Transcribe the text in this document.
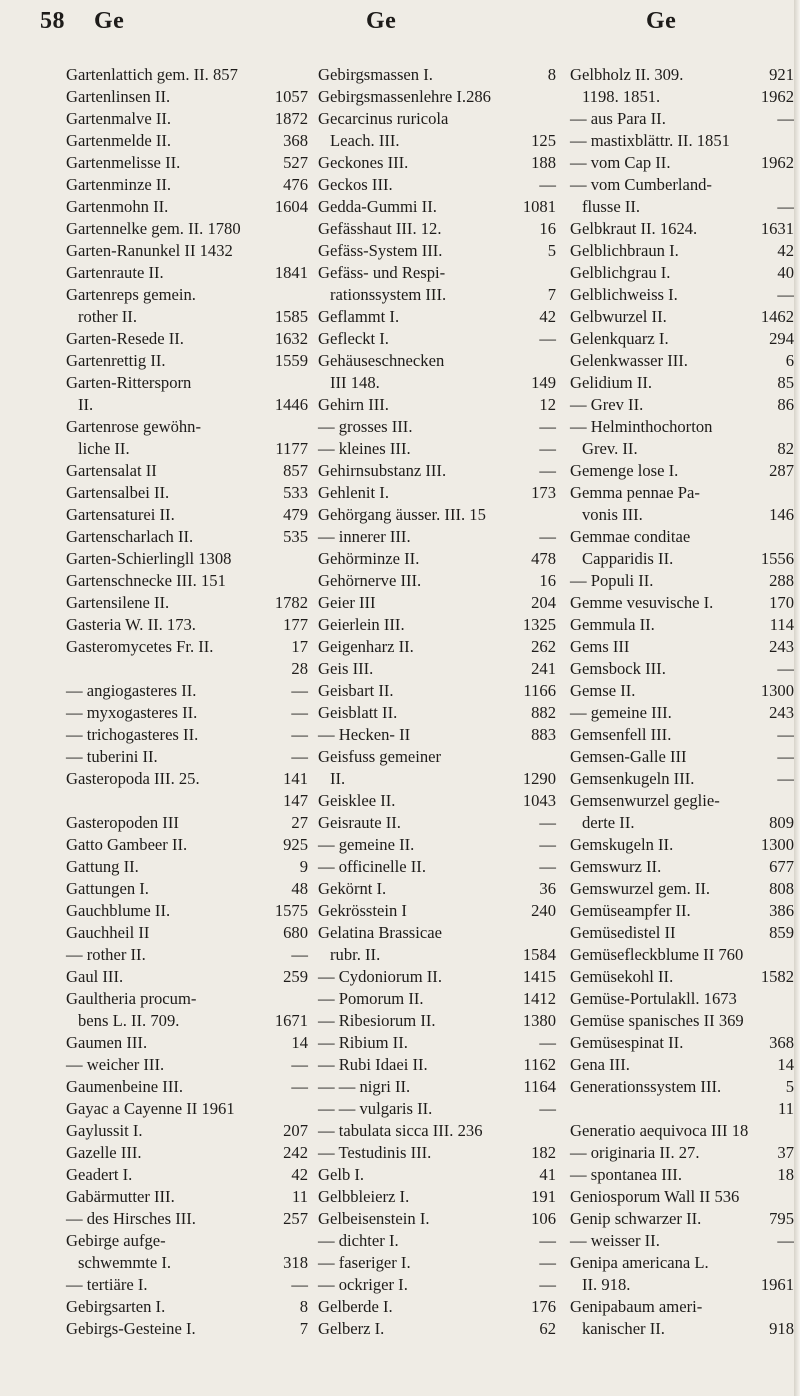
58 Ge	Ge	Ge
Gartenlattich gem. II. 857
Gartenlinsen II.	1057
Gartenmalve II.	1872
Gartenmelde II.	368
Gartenmelisse II.	527
Gartenminze II.	476
Gartenmohn II.	1604
Gartennelke gem. II. 1780
Garten-Ranunkel II 1432
Gartenraute II.	1841
Gartenreps gemein.
rother II.	1585
Garten-Resede II.	1632
Gartenrettig II.	1559
Garten-Rittersporn
II.	1446
Gartenrose gewöhn-
liche II.	1177
Gartensalat II	857
Gartensalbei II.	533
Gartensaturei II.	479
Gartenscharlach II.	535
Garten-Schierlingll 1308
Gartenschnecke III. 151
Gartensilene II.	1782
Gasteria W. II. 173.	177
Gasteromycetes Fr. II.	17
28
— angiogasteres II.	—
— myxogasteres II.	—
— trichogasteres II.	—
— tuberini II.	—
Gasteropoda III. 25.	141
147
Gasteropoden III	27
Gatto Gambeer II.	925
Gattung II.	9
Gattungen I.	48
Gauchblume II.	1575
Gauchheil II	680
— rother II.	—
Gaul III.	259
Gaultheria procum-
bens L. II. 709.	1671
Gaumen III.	14
— weicher III.	—
Gaumenbeine III.	—
Gayac a Cayenne II 1961
Gaylussit I.	207
Gazelle III.	242
Geadert I.	42
Gabärmutter III.	11
— des Hirsches III.	257
Gebirge aufge-
schwemmte I.	318
— tertiäre I.	—
Gebirgsarten I.	8
Gebirgs-Gesteine I.	7
Gebirgsmassen I.	8
Gebirgsmassenlehre I.286
Gecarcinus ruricola
Leach. III.	125
Geckones III.	188
Geckos III.	—
Gedda-Gummi II.	1081
Gefässhaut III. 12.	16
Gefäss-System III.	5
Gefäss- und Respi-
rationssystem III.	7
Geflammt I.	42
Gefleckt I.	—
Gehäuseschnecken
III 148.	149
Gehirn III.	12
— grosses III.	—
— kleines III.	—
Gehirnsubstanz III.	—
Gehlenit I.	173
Gehörgang äusser. III. 15
— innerer III.	—
Gehörminze II.	478
Gehörnerve III.	16
Geier III	204
Geierlein III.	1325
Geigenharz II.	262
Geis III.	241
Geisbart II.	1166
Geisblatt II.	882
— Hecken- II	883
Geisfuss gemeiner
II.	1290
Geisklee II.	1043
Geisraute II.	—
— gemeine II.	—
— officinelle II.	—
Gekörnt I.	36
Gekrösstein I	240
Gelatina Brassicae
rubr. II.	1584
— Cydoniorum II.	1415
— Pomorum II.	1412
— Ribesiorum II.	1380
— Ribium II.	—
— Rubi Idaei II.	1162
— — nigri II.	1164
— — vulgaris II.	—
— tabulata sicca III. 236
— Testudinis III.	182
Gelb I.	41
Gelbbleierz I.	191
Gelbeisenstein I.	106
— dichter I.	—
— faseriger I.	—
— ockriger I.	—
Gelberde I.	176
Gelberz I.	62
Gelbholz II. 309.	921
1198. 1851.	1962
— aus Para II.	—
— mastixblättr. II. 1851
— vom Cap II.	1962
— vom Cumberland-
flusse II.	—
Gelbkraut II. 1624.	1631
Gelblichbraun I.	42
Gelblichgrau I.	40
Gelblichweiss I.	—
Gelbwurzel II.	1462
Gelenkquarz I.	294
Gelenkwasser III.	6
Gelidium II.	85
— Grev II.	86
— Helminthochorton
Grev. II.	82
Gemenge lose I.	287
Gemma pennae Pa-
vonis III.	146
Gemmae conditae
Capparidis II.	1556
— Populi II.	288
Gemme vesuvische I.	170
Gemmula II.	114
Gems III	243
Gemsbock III.	—
Gemse II.	1300
— gemeine III.	243
Gemsenfell III.	—
Gemsen-Galle III	—
Gemsenkugeln III.	—
Gemsenwurzel geglie-
derte II.	809
Gemskugeln II.	1300
Gemswurz II.	677
Gemswurzel gem. II.	808
Gemüseampfer II.	386
Gemüsedistel II	859
Gemüsefleckblume II 760
Gemüsekohl II.	1582
Gemüse-Portulakll. 1673
Gemüse spanisches II 369
Gemüsespinat II.	368
Gena III.	14
Generationssystem III.	5
11
Generatio aequivoca III 18
— originaria II. 27.	37
— spontanea III.	18
Geniosporum Wall II 536
Genip schwarzer II.	795
— weisser II.	—
Genipa americana L.
II. 918.	1961
Genipabaum ameri-
kanischer II.	918
